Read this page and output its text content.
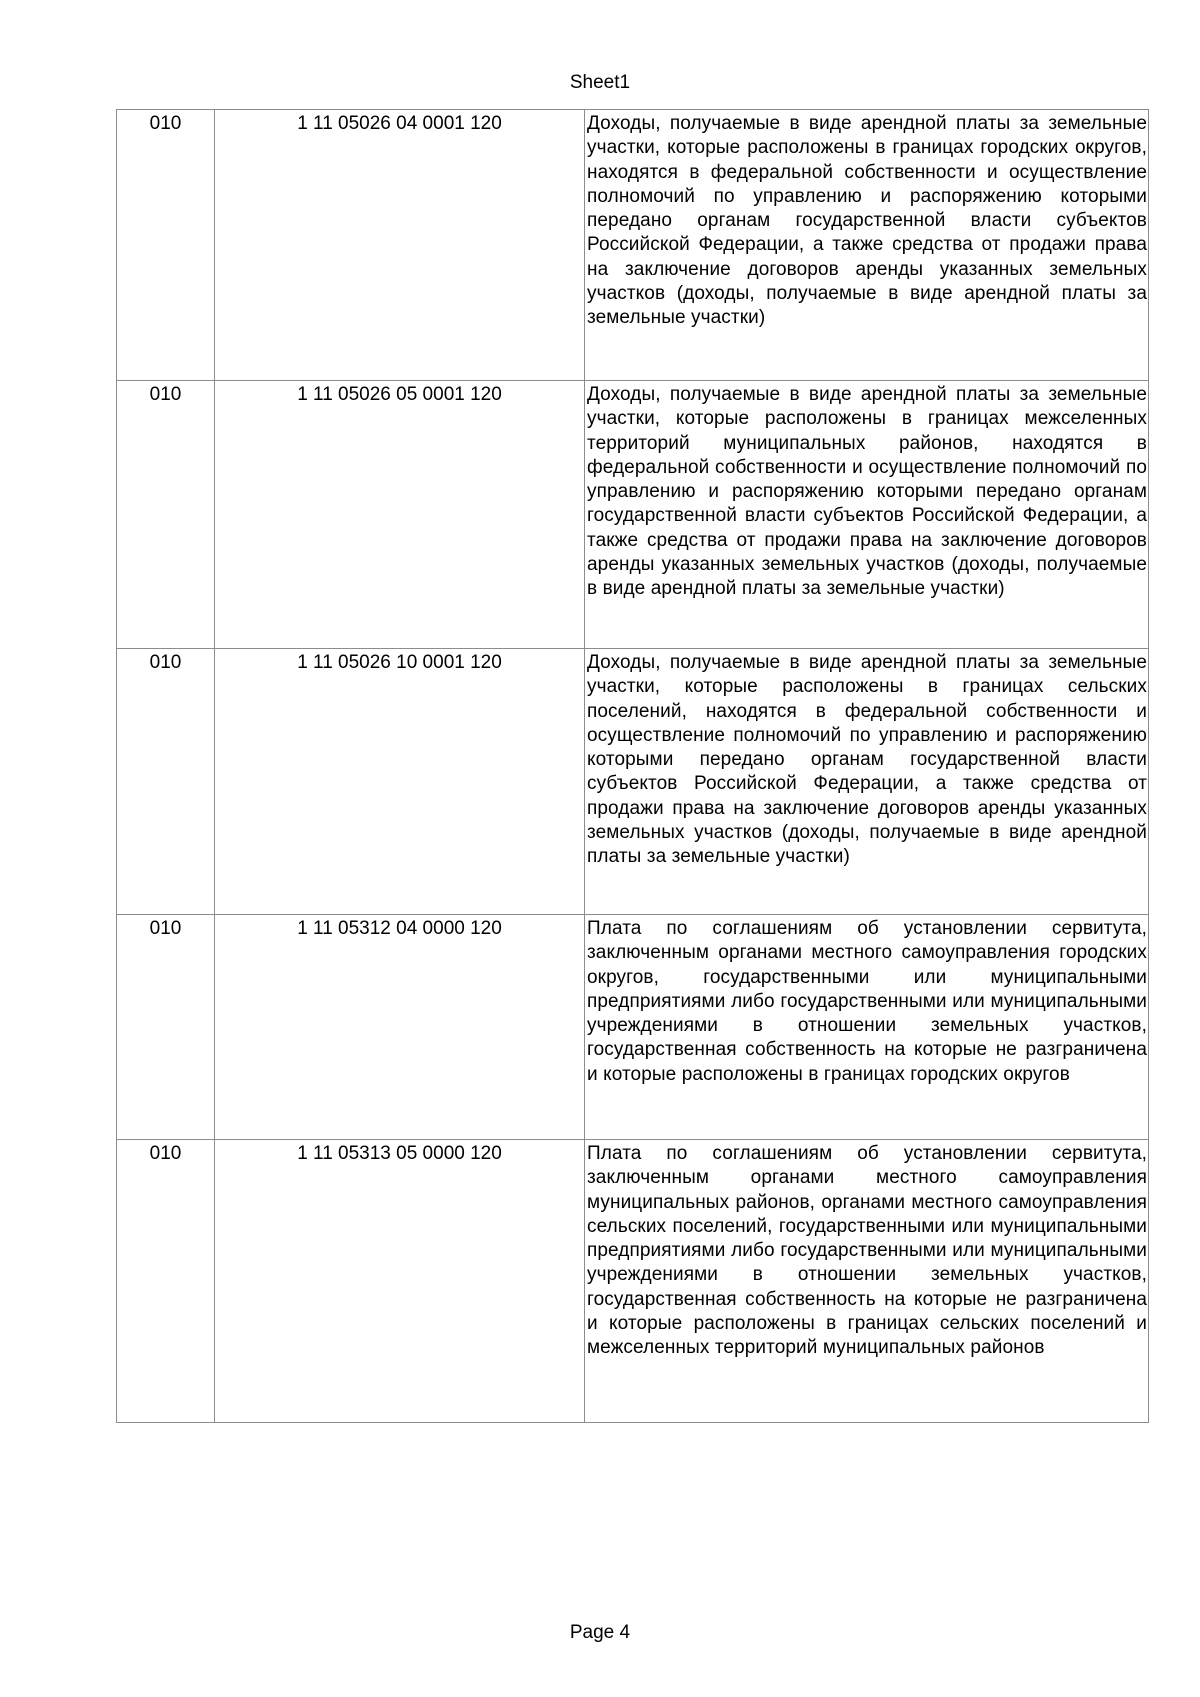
Sheet1
010	1 11 05026 04 0001 120	Доходы, получаемые в виде арендной платы за земельные участки, которые расположены в границах городских округов, находятся в федеральной собственности и осуществление полномочий по управлению и распоряжению которыми передано органам государственной власти субъектов Российской Федерации, а также средства от продажи права на заключение договоров аренды указанных земельных участков (доходы, получаемые в виде арендной платы за земельные участки)

010	1 11 05026 05 0001 120	Доходы, получаемые в виде арендной платы за земельные участки, которые расположены в границах межселенных территорий муниципальных районов, находятся в федеральной собственности и осуществление полномочий по управлению и распоряжению которыми передано органам государственной власти субъектов Российской Федерации, а также средства от продажи права на заключение договоров аренды указанных земельных участков (доходы, получаемые в виде арендной платы за земельные участки)

010	1 11 05026 10 0001 120	Доходы, получаемые в виде арендной платы за земельные участки, которые расположены в границах сельских поселений, находятся в федеральной собственности и осуществление полномочий по управлению и распоряжению которыми передано органам государственной власти субъектов Российской Федерации, а также средства от продажи права на заключение договоров аренды указанных земельных участков (доходы, получаемые в виде арендной платы за земельные участки)

010	1 11 05312 04 0000 120	Плата по соглашениям об установлении сервитута, заключенным органами местного самоуправления городских округов, государственными или муниципальными предприятиями либо государственными или муниципальными учреждениями в отношении земельных участков, государственная собственность на которые не разграничена и которые расположены в границах городских округов

010	1 11 05313 05 0000 120	Плата по соглашениям об установлении сервитута, заключенным органами местного самоуправления муниципальных районов, органами местного самоуправления сельских поселений, государственными или муниципальными предприятиями либо государственными или муниципальными учреждениями в отношении земельных участков, государственная собственность на которые не разграничена и которые расположены в границах сельских поселений и межселенных территорий муниципальных районов
Page 4
